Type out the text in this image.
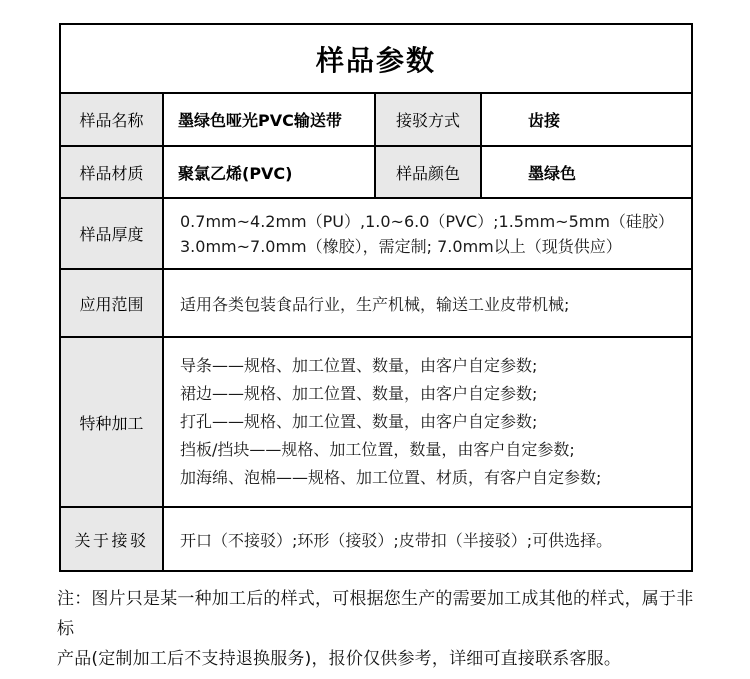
样品参数			
样品名称	墨绿色哑光PVC输送带	接驳方式	齿接
样品材质	聚氯乙烯(PVC)	样品颜色	墨绿色
样品厚度	0.7mm~4.2mm（PU）,1.0~6.0（PVC）;1.5mm~5mm（硅胶）
3.0mm~7.0mm（橡胶），需定制; 7.0mm以上（现货供应）		

应用范围	适用各类包装食品行业，生产机械，输送工业皮带机械;		
特种加工	导条——规格、加工位置、数量，由客户自定参数;
裙边——规格、加工位置、数量，由客户自定参数;
打孔——规格、加工位置、数量，由客户自定参数;
挡板/挡块——规格、加工位置，数量，由客户自定参数;
加海绵、泡棉——规格、加工位置、材质，有客户自定参数;		

关于接驳	开口（不接驳）;环形（接驳）;皮带扣（半接驳）;可供选择。		
注：图片只是某一种加工后的样式，可根据您生产的需要加工成其他的样式，属于非标
产品(定制加工后不支持退换服务)，报价仅供参考，详细可直接联系客服。
